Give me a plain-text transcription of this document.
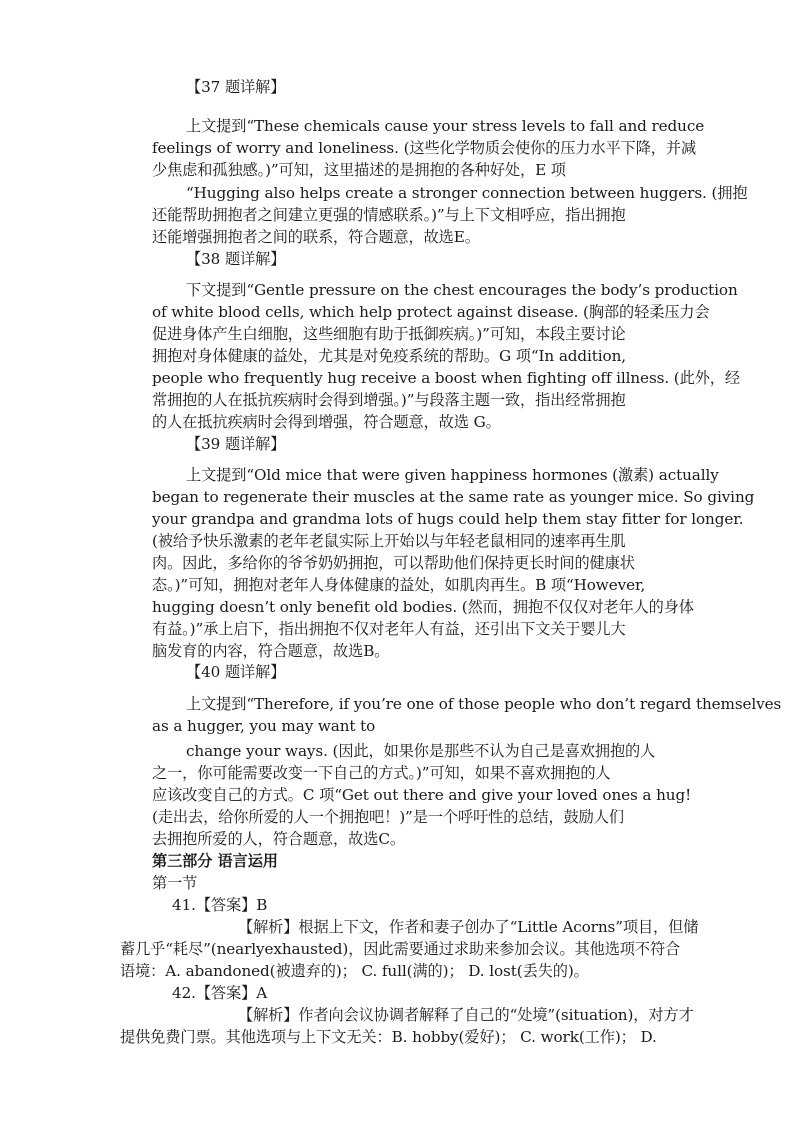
【37 题详解】
上文提到“These chemicals cause your stress levels to fall and reduce
feelings of worry and loneliness. (这些化学物质会使你的压力水平下降，并减
少焦虑和孤独感。)”可知，这里描述的是拥抱的各种好处，E 项
“Hugging also helps create a stronger connection between huggers. (拥抱
还能帮助拥抱者之间建立更强的情感联系。)”与上下文相呼应，指出拥抱
还能增强拥抱者之间的联系，符合题意，故选E。
【38 题详解】
下文提到“Gentle pressure on the chest encourages the body’s production
of white blood cells, which help protect against disease. (胸部的轻柔压力会
促进身体产生白细胞，这些细胞有助于抵御疾病。)”可知，本段主要讨论
拥抱对身体健康的益处，尤其是对免疫系统的帮助。G 项“In addition,
people who frequently hug receive a boost when fighting off illness. (此外，经
常拥抱的人在抵抗疾病时会得到增强。)”与段落主题一致，指出经常拥抱
的人在抵抗疾病时会得到增强，符合题意，故选 G。
【39 题详解】
上文提到“Old mice that were given happiness hormones (激素) actually
began to regenerate their muscles at the same rate as younger mice. So giving
your grandpa and grandma lots of hugs could help them stay fitter for longer.
(被给予快乐激素的老年老鼠实际上开始以与年轻老鼠相同的速率再生肌
肉。因此，多给你的爷爷奶奶拥抱，可以帮助他们保持更长时间的健康状
态。)”可知，拥抱对老年人身体健康的益处，如肌肉再生。B 项“However,
hugging doesn’t only benefit old bodies. (然而，拥抱不仅仅对老年人的身体
有益。)”承上启下，指出拥抱不仅对老年人有益，还引出下文关于婴儿大
脑发育的内容，符合题意，故选B。
【40 题详解】
上文提到“Therefore, if you’re one of those people who don’t regard themselves
as a hugger, you may want to
change your ways. (因此，如果你是那些不认为自己是喜欢拥抱的人
之一，你可能需要改变一下自己的方式。)”可知，如果不喜欢拥抱的人
应该改变自己的方式。C 项“Get out there and give your loved ones a hug!
(走出去，给你所爱的人一个拥抱吧！)”是一个呼吁性的总结，鼓励人们
去拥抱所爱的人，符合题意，故选C。
第三部分 语言运用
第一节
41.【答案】B
【解析】根据上下文，作者和妻子创办了“Little Acorns”项目，但储
蓄几乎“耗尽”(nearlyexhausted)，因此需要通过求助来参加会议。其他选项不符合
语境：A. abandoned(被遗弃的)； C. full(满的)； D. lost(丢失的)。
42.【答案】A
【解析】作者向会议协调者解释了自己的“处境”(situation)，对方才
提供免费门票。其他选项与上下文无关：B. hobby(爱好)； C. work(工作)； D.
